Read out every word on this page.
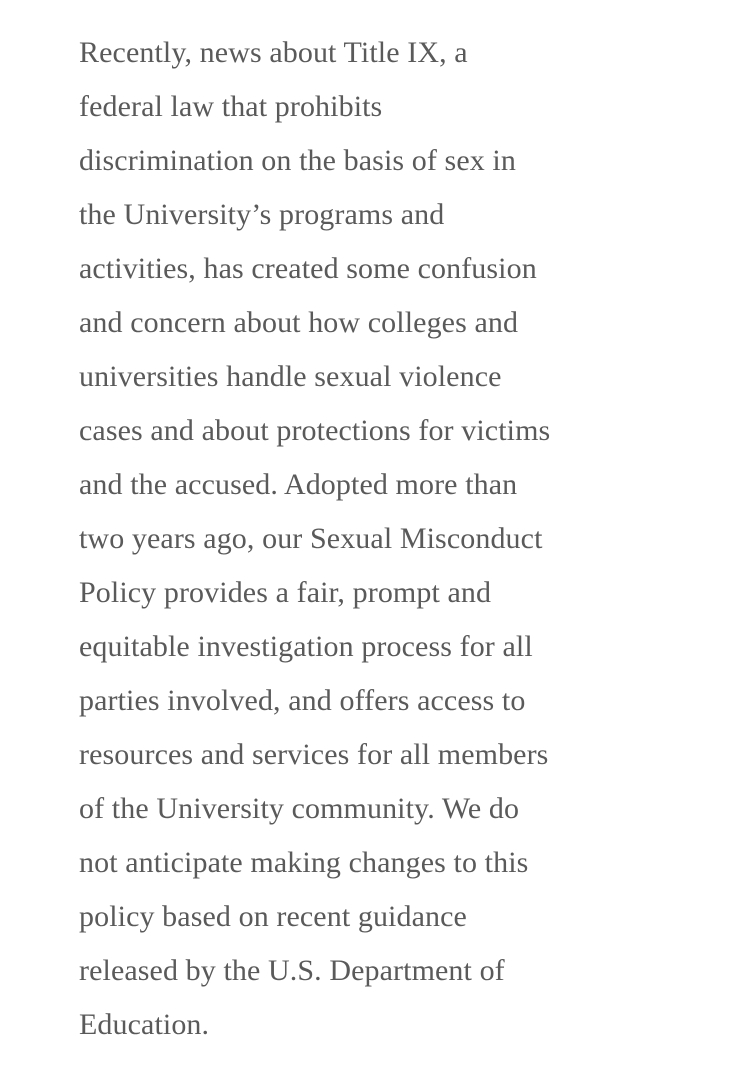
Recently, news about Title IX, a
federal law that prohibits
discrimination on the basis of sex in
the University’s programs and
activities, has created some confusion
and concern about how colleges and
universities handle sexual violence
cases and about protections for victims
and the accused. Adopted more than
two years ago, our Sexual Misconduct
Policy provides a fair, prompt and
equitable investigation process for all
parties involved, and offers access to
resources and services for all members
of the University community. We do
not anticipate making changes to this
policy based on recent guidance
released by the U.S. Department of
Education.
